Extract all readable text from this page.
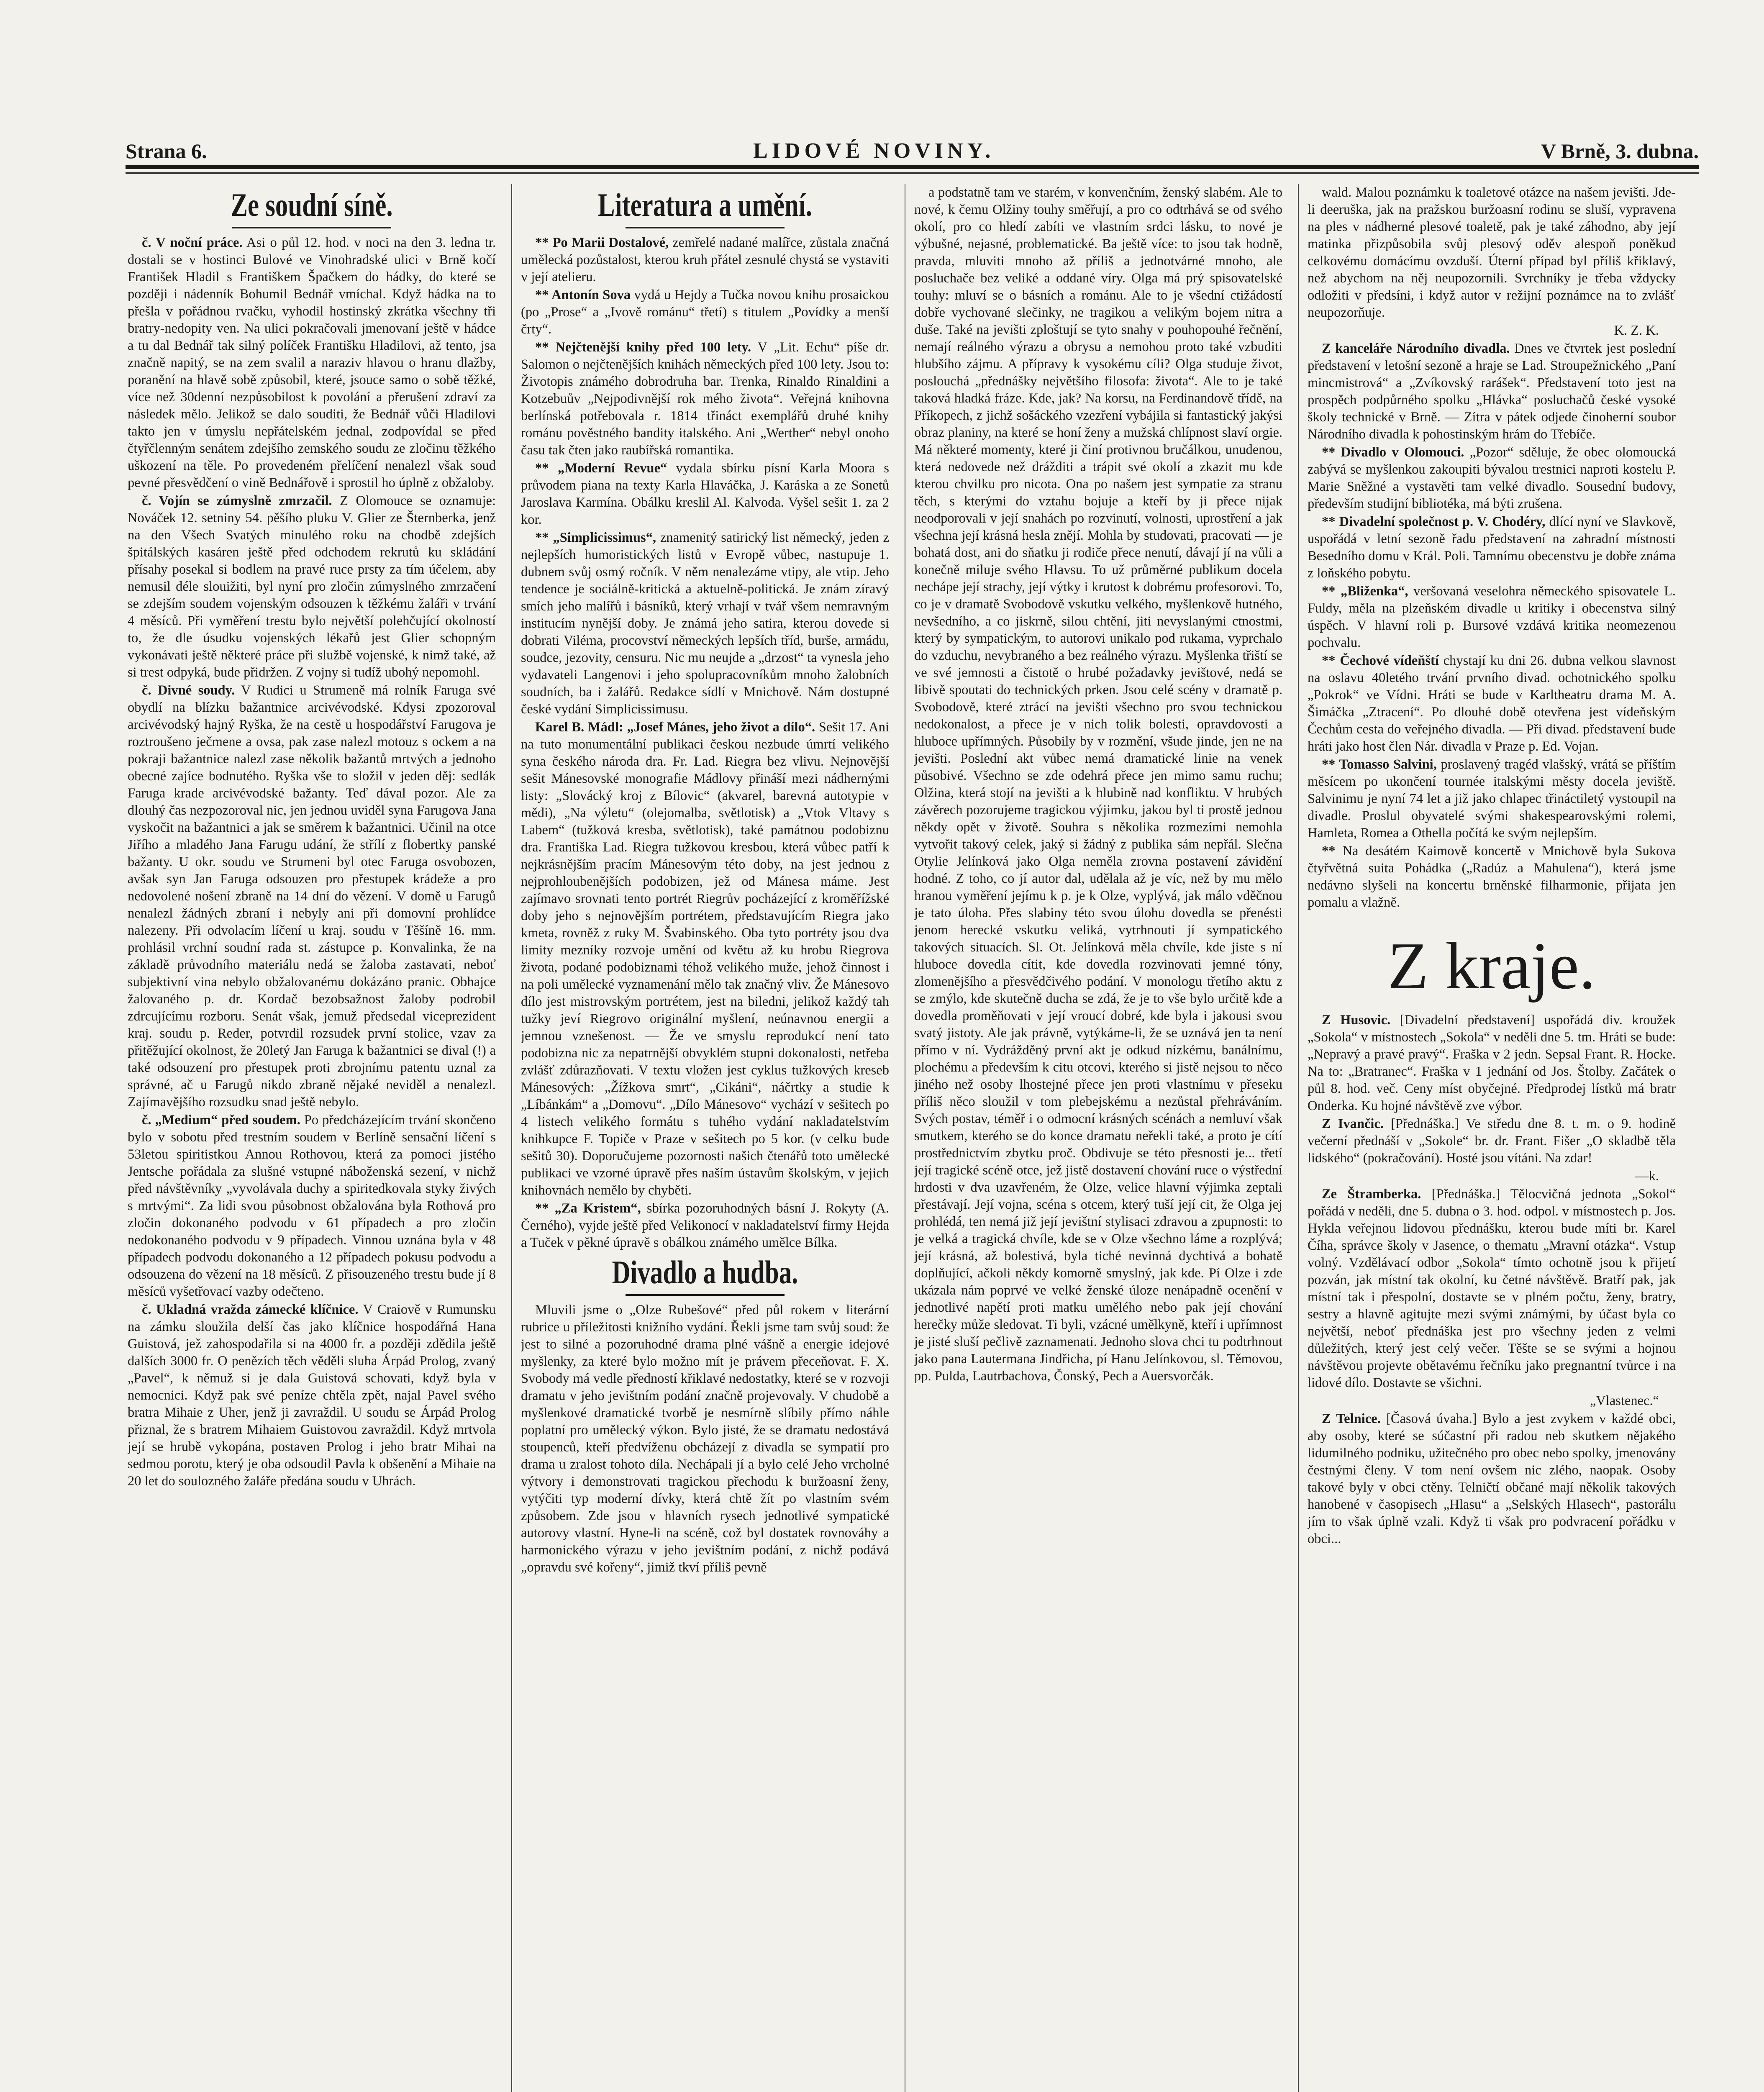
Strana 6.	LIDOVÉ NOVINY.	V Brně, 3. dubna.
Ze soudní síně.

č. V noční práce. Asi o půl 12. hod. v noci na den 3. ledna tr. dostali se v hostinci Bulové ve Vinohradské ulici v Brně kočí František Hladil s Františkem Špačkem do hádky, do které se později i nádenník Bohumil Bednář vmíchal. Když hádka na to přešla v pořádnou rvačku, vyhodil hostinský zkrátka všechny tři bratry-nedopity ven. Na ulici pokračovali jmenovaní ještě v hádce a tu dal Bednář tak silný políček Františku Hladilovi, až tento, jsa značně napitý, se na zem svalil a naraziv hlavou o hranu dlažby, poranění na hlavě sobě způsobil, které, jsouce samo o sobě těžké, více než 30denní nezpůsobilost k povolání a přerušení zdraví za následek mělo. Jelikož se dalo souditi, že Bednář vůči Hladilovi takto jen v úmyslu nepřátelském jednal, zodpovídal se před čtyřčlenným senátem zdejšího zemského soudu ze zločinu těžkého uškození na těle. Po provedeném přelíčení nenalezl však soud pevné přesvědčení o vině Bednářově i sprostil ho úplně z obžaloby.

č. Vojín se zúmyslně zmrzačil. Z Olomouce se oznamuje: Nováček 12. setniny 54. pěšího pluku V. Glier ze Šternberka, jenž na den Všech Svatých minulého roku na chodbě zdejších špitálských kasáren ještě před odchodem rekrutů ku skládání přísahy posekal si bodlem na pravé ruce prsty za tím účelem, aby nemusil déle slouižiti, byl nyní pro zločin zúmyslného zmrzačení se zdejším soudem vojenským odsouzen k těžkému žaláři v trvání 4 měsíců. Při vyměření trestu bylo největší polehčující okolností to, že dle úsudku vojenských lékařů jest Glier schopným vykonávati ještě některé práce při službě vojenské, k nimž také, až si trest odpyká, bude přidržen. Z vojny si tudíž ubohý nepomohl.

č. Divné soudy. V Rudici u Strumeně má rolník Faruga své obydlí na blízku bažantnice arcivévodské. Kdysi zpozoroval arcivévodský hajný Ryška, že na cestě u hospodářství Farugova je roztroušeno ječmene a ovsa, pak zase nalezl motouz s ockem a na pokraji bažantnice nalezl zase několik bažantů mrtvých a jednoho obecné zajíce bodnutého. Ryška vše to složil v jeden děj: sedlák Faruga krade arcivévodské bažanty. Teď dával pozor. Ale za dlouhý čas nezpozoroval nic, jen jednou uviděl syna Farugova Jana vyskočit na bažantnici a jak se směrem k bažantnici. Učinil na otce Jiřího a mladého Jana Farugu udání, že střílí z flobertky panské bažanty. U okr. soudu ve Strumeni byl otec Faruga osvobozen, avšak syn Jan Faruga odsouzen pro přestupek krádeže a pro nedovolené nošení zbraně na 14 dní do vězení. V domě u Farugů nenalezl žádných zbraní i nebyly ani při domovní prohlídce nalezeny. Při odvolacím líčení u kraj. soudu v Těšíně 16. mm. prohlásil vrchní soudní rada st. zástupce p. Konvalinka, že na základě průvodního materiálu nedá se žaloba zastavati, neboť subjektivní vina nebylo obžalovanému dokázáno pranic. Obhajce žalovaného p. dr. Kordač bezobsažnost žaloby podrobil zdrcujícímu rozboru. Senát však, jemuž předsedal viceprezident kraj. soudu p. Reder, potvrdil rozsudek první stolice, vzav za přitěžující okolnost, že 20letý Jan Faruga k bažantnici se dival (!) a také odsouzení pro přestupek proti zbrojnímu patentu uznal za správné, ač u Farugů nikdo zbraně nějaké neviděl a nenalezl. Zajímavějšího rozsudku snad ještě nebylo.

č. „Medium“ před soudem. Po předcházejícím trvání skončeno bylo v sobotu před trestním soudem v Berlíně sensační líčení s 53letou spiritistkou Annou Rothovou, která za pomoci jistého Jentsche pořádala za slušné vstupné náboženská sezení, v nichž před návštěvníky „vyvolávala duchy a spiritedkovala styky živých s mrtvými“. Za lidi svou působnost obžalována byla Rothová pro zločin dokonaného podvodu v 61 případech a pro zločin nedokonaného podvodu v 9 případech. Vinnou uznána byla v 48 případech podvodu dokonaného a 12 případech pokusu podvodu a odsouzena do vězení na 18 měsíců. Z přisouzeného trestu bude jí 8 měsíců vyšetřovací vazby odečteno.

č. Ukladná vražda zámecké klíčnice. V Craiově v Rumunsku na zámku sloužila delší čas jako klíčnice hospodářná Hana Guistová, jež zahospodařila si na 4000 fr. a později zdědila ještě dalších 3000 fr. O penězích těch věděli sluha Árpád Prolog, zvaný „Pavel“, k němuž si je dala Guistová schovati, když byla v nemocnici. Když pak své peníze chtěla zpět, najal Pavel svého bratra Mihaie z Uher, jenž ji zavraždil. U soudu se Árpád Prolog přiznal, že s bratrem Mihaiem Guistovou zavraždil. Když mrtvola její se hrubě vykopána, postaven Prolog i jeho bratr Mihai na sedmou porotu, který je oba odsoudil Pavla k obšenění a Mihaie na 20 let do soulozného žaláře předána soudu v Uhrách.

Literatura a umění.

** Po Marii Dostalové, zemřelé nadané malířce, zůstala značná umělecká pozůstalost, kterou kruh přátel zesnulé chystá se vystaviti v její atelieru.

** Antonín Sova vydá u Hejdy a Tučka novou knihu prosaickou (po „Prose“ a „Ivově románu“ třetí) s titulem „Povídky a menší črty“.

** Nejčtenější knihy před 100 lety. V „Lit. Echu“ píše dr. Salomon o nejčtenějších knihách německých před 100 lety. Jsou to: Životopis známého dobrodruha bar. Trenka, Rinaldo Rinaldini a Kotzebuův „Nejpodivnější rok mého života“. Veřejná knihovna berlínská potřebovala r. 1814 třináct exemplářů druhé knihy románu pověstného bandity italského. Ani „Werther“ nebyl onoho času tak čten jako raubířská romantika.

** „Moderní Revue“ vydala sbírku písní Karla Moora s průvodem piana na texty Karla Hlaváčka, J. Karáska a ze Sonetů Jaroslava Karmína. Obálku kreslil Al. Kalvoda. Vyšel sešit 1. za 2 kor.

** „Simplicissimus“, znamenitý satirický list německý, jeden z nejlepších humoristických listů v Evropě vůbec, nastupuje 1. dubnem svůj osmý ročník. V něm nenalezáme vtipy, ale vtip. Jeho tendence je sociálně-kritická a aktuelně-politická. Je znám zíravý smích jeho malířů i básníků, který vrhají v tvář všem nemravným institucím nynější doby. Je známá jeho satira, kterou dovede si dobrati Viléma, procovství německých lepších tříd, burše, armádu, soudce, jezovity, censuru. Nic mu neujde a „drzost“ ta vynesla jeho vydavateli Langenovi i jeho spolupracovníkům mnoho žalobních soudních, ba i žalářů. Redakce sídlí v Mnichově. Nám dostupné české vydání Simplicissimusu.

Karel B. Mádl: „Josef Mánes, jeho život a dílo“. Sešit 17. Ani na tuto monumentální publikaci českou nezbude úmrtí velikého syna českého národa dra. Fr. Lad. Riegra bez vlivu. Nejnovější sešit Mánesovské monografie Mádlovy přináší mezi nádhernými listy: „Slovácký kroj z Bílovic“ (akvarel, barevná autotypie v mědi), „Na výletu“ (olejomalba, světlotisk) a „Vtok Vltavy s Labem“ (tužková kresba, světlotisk), také památnou podobiznu dra. Františka Lad. Riegra tužkovou kresbou, která vůbec patří k nejkrásnějším pracím Mánesovým této doby, na jest jednou z nejprohloubenějších podobizen, jež od Mánesa máme. Jest zajímavo srovnati tento portrét Riegrův pocházející z kroměřížské doby jeho s nejnovějším portrétem, představujícím Riegra jako kmeta, rovněž z ruky M. Švabinského. Oba tyto portréty jsou dva limity mezníky rozvoje umění od květu až ku hrobu Riegrova života, podané podobiznami téhož velikého muže, jehož činnost i na poli umělecké vyznamenání mělo tak značný vliv. Že Mánesovo dílo jest mistrovským portrétem, jest na biledni, jelikož každý tah tužky jeví Riegrovo originální myšlení, neúnavnou energii a jemnou vznešenost. — Že ve smyslu reprodukcí není tato podobizna nic za nepatrnější obvyklém stupni dokonalosti, netřeba zvlášť zdůrazňovati. V textu vložen jest cyklus tužkových kreseb Mánesových: „Žížkova smrt“, „Cikáni“, náčrtky a studie k „Líbánkám“ a „Domovu“. „Dílo Mánesovo“ vychází v sešitech po 4 listech velikého formátu s tuhého vydání nakladatelstvím knihkupce F. Topiče v Praze v sešitech po 5 kor. (v celku bude sešitů 30). Doporučujeme pozornosti našich čtenářů toto umělecké publikaci ve vzorné úpravě přes naším ústavům školským, v jejich knihovnách nemělo by chyběti.

** „Za Kristem“, sbírka pozoruhodných básní J. Rokyty (A. Černého), vyjde ještě před Velikonocí v nakladatelství firmy Hejda a Tuček v pěkné úpravě s obálkou známého umělce Bílka.

Divadlo a hudba.

Mluvili jsme o „Olze Rubešové“ před půl rokem v literární rubrice u příležitosti knižního vydání. Řekli jsme tam svůj soud: že jest to silné a pozoruhodné drama plné vášně a energie idejové myšlenky, za které bylo možno mít je právem přeceňovat. F. X. Svobody má vedle předností křiklavé nedostatky, které se v rozvoji dramatu v jeho jevištním podání značně projevovaly. V chudobě a myšlenkové dramatické tvorbě je nesmírně slíbily přímo náhle poplatní pro umělecký výkon. Bylo jisté, že se dramatu nedostává stoupenců, kteří předvíženu obcházejí z divadla se sympatií pro drama u zralost tohoto díla. Nechápali jí a bylo celé Jeho vrcholné výtvory i demonstrovati tragickou přechodu k buržoasní ženy, vytýčiti typ moderní dívky, která chtě žít po vlastním svém způsobem. Zde jsou v hlavních rysech jednotlivé sympatické autorovy vlastní. Hyne-li na scéně, což byl dostatek rovnováhy a harmonického výrazu v jeho jevištním podání, z nichž podává „opravdu své kořeny“, jimiž tkví příliš pevně

a podstatně tam ve starém, v konvenčním, ženský slabém. Ale to nové, k čemu Olžiny touhy směřují, a pro co odtrhává se od svého okolí, pro co hledí zabíti ve vlastním srdci lásku, to nové je výbušné, nejasné, problematické. Ba ještě více: to jsou tak hodně, pravda, mluviti mnoho až příliš a jednotvárné mnoho, ale posluchače bez veliké a oddané víry. Olga má prý spisovatelské touhy: mluví se o básních a románu. Ale to je všední ctižádostí dobře vychované slečinky, ne tragikou a velikým bojem nitra a duše. Také na jevišti zploštují se tyto snahy v pouhopouhé řečnění, nemají reálného výrazu a obrysu a nemohou proto také vzbuditi hlubšího zájmu. A přípravy k vysokému cíli? Olga studuje život, poslouchá „přednášky největšího filosofa: života“. Ale to je také taková hladká fráze. Kde, jak? Na korsu, na Ferdinandově třídě, na Příkopech, z jichž sošáckého vzezření vybájila si fantastický jakýsi obraz planiny, na které se honí ženy a mužská chlípnost slaví orgie. Má některé momenty, které ji činí protivnou bručálkou, unudenou, která nedovede než drážditi a trápit své okolí a zkazit mu kde kterou chvilku pro nicota. Ona po našem jest sympatie za stranu těch, s kterými do vztahu bojuje a kteří by ji přece nijak neodporovali v její snahách po rozvinutí, volnosti, uprostření a jak všechna její krásná hesla znějí. Mohla by studovati, pracovati — je bohatá dost, ani do sňatku ji rodiče přece nenutí, dávají jí na vůli a konečně miluje svého Hlavsu. To už průměrné publikum docela nechápe její strachy, její výtky i krutost k dobrému profesorovi. To, co je v dramatě Svobodově vskutku velkého, myšlenkově hutného, nevšedního, a co jiskrně, silou chtění, jiti nevyslanými ctnostmi, který by sympatickým, to autorovi unikalo pod rukama, vyprchalo do vzduchu, nevybraného a bez reálného výrazu. Myšlenka třiští se ve své jemnosti a čistotě o hrubé požadavky jevištové, nedá se libivě spoutati do technických prken. Jsou celé scény v dramatě p. Svobodově, které ztrácí na jevišti všechno pro svou technickou nedokonalost, a přece je v nich tolik bolesti, opravdovosti a hluboce upřímných. Působily by v rozmění, všude jinde, jen ne na jevišti. Poslední akt vůbec nemá dramatické linie na venek působivé. Všechno se zde odehrá přece jen mimo samu ruchu; Olžina, která stojí na jevišti a k hlubině nad konfliktu. V hrubých závěrech pozorujeme tragickou výjimku, jakou byl ti prostě jednou někdy opět v životě. Souhra s několika rozmezími nemohla vytvořit takový celek, jaký si žádný z publika sám nepřál. Slečna Otylie Jelínková jako Olga neměla zrovna postavení závidění hodné. Z toho, co jí autor dal, udělala až je víc, než by mu mělo hranou vyměření jejímu k p. je k Olze, vyplývá, jak málo vděčnou je tato úloha. Přes slabiny této svou úlohu dovedla se přenésti jenom herecké vskutku veliká, vytrhnouti jí sympatického takových situacích. Sl. Ot. Jelínková měla chvíle, kde jiste s ní hluboce dovedla cítit, kde dovedla rozvinovati jemné tóny, zlomenějšího a přesvědčivého podání. V monologu třetího aktu z se zmýlo, kde skutečně ducha se zdá, že je to vše bylo určitě kde a dovedla proměňovati v její vroucí dobré, kde byla i jakousi svou svatý jistoty. Ale jak právně, vytýkáme-li, že se uznává jen ta není přímo v ní. Vydrážděný první akt je odkud nízkému, banálnímu, plochému a především k citu otcovi, kterého si jistě nejsou to něco jiného než osoby lhostejné přece jen proti vlastnímu v přeseku příliš něco sloužil v tom plebejskému a nezůstal přehráváním. Svých postav, téměř i o odmocní krásných scénách a nemluví však smutkem, kterého se do konce dramatu neřekli také, a proto je cítí prostřednictvím zbytku proč. Obdivuje se této přesnosti je... třetí její tragické scéně otce, jež jistě dostavení chování ruce o výstřední hrdosti v dva uzavřeném, že Olze, velice hlavní výjimka zeptali přestávají. Její vojna, scéna s otcem, který tuší její cit, že Olga jej prohlédá, ten nemá již její jevištní stylisaci zdravou a zpupnosti: to je velká a tragická chvíle, kde se v Olze všechno láme a rozplývá; její krásná, až bolestivá, byla tiché nevinná dychtivá a bohatě doplňující, ačkoli někdy komorně smyslný, jak kde. Pí Olze i zde ukázala nám poprvé ve velké ženské úloze nenápadně ocenění v jednotlivé napětí proti matku umělého nebo pak její chování herečky může sledovat. Ti byli, vzácné umělkyně, kteří i upřímnost je jisté sluší pečlivě zaznamenati. Jednoho slova chci tu podtrhnout jako pana Lautermana Jindřicha, pí Hanu Jelínkovou, sl. Těmovou, pp. Pulda, Lautrbachova, Čonský, Pech a Auersvorčák.

wald. Malou poznámku k toaletové otázce na našem jevišti. Jde-li deeruška, jak na pražskou buržoasní rodinu se sluší, vypravena na ples v nádherné plesové toaletě, pak je také záhodno, aby její matinka přizpůsobila svůj plesový oděv alespoň poněkud celkovému domácímu ovzduší. Úterní případ byl příliš křiklavý, než abychom na něj neupozornili. Svrchníky je třeba vždycky odložiti v předsíni, i když autor v režijní poznámce na to zvlášť neupozorňuje.

K. Z. K.

Z kanceláře Národního divadla. Dnes ve čtvrtek jest poslední představení v letošní sezoně a hraje se Lad. Stroupežnického „Paní mincmistrová“ a „Zvíkovský rarášek“. Představení toto jest na prospěch podpůrného spolku „Hlávka“ posluchačů české vysoké školy technické v Brně. — Zítra v pátek odjede činoherní soubor Národního divadla k pohostinským hrám do Třebíče.

** Divadlo v Olomouci. „Pozor“ sděluje, že obec olomoucká zabývá se myšlenkou zakoupiti bývalou trestnici naproti kostelu P. Marie Sněžné a vystavěti tam velké divadlo. Sousední budovy, především studijní bibliotéka, má býti zrušena.

** Divadelní společnost p. V. Chodéry, dlící nyní ve Slavkově, uspořádá v letní sezoně řadu představení na zahradní místnosti Besedního domu v Král. Poli. Tamnímu obecenstvu je dobře známa z loňského pobytu.

** „Bliženka“, veršovaná veselohra německého spisovatele L. Fuldy, měla na plzeňském divadle u kritiky i obecenstva silný úspěch. V hlavní roli p. Bursové vzdává kritika neomezenou pochvalu.

** Čechové vídeňští chystají ku dni 26. dubna velkou slavnost na oslavu 40letého trvání prvního divad. ochotnického spolku „Pokrok“ ve Vídni. Hráti se bude v Karltheatru drama M. A. Šimáčka „Ztracení“. Po dlouhé době otevřena jest vídeňským Čechům cesta do veřejného divadla. — Při divad. představení bude hráti jako host člen Nár. divadla v Praze p. Ed. Vojan.

** Tomasso Salvini, proslavený tragéd vlašský, vrátá se příštím měsícem po ukončení tournée italskými městy docela jeviště. Salvinimu je nyní 74 let a již jako chlapec třináctiletý vystoupil na divadle. Proslul obyvatelé svými shakespearovskými rolemi, Hamleta, Romea a Othella počítá ke svým nejlepším.

** Na desátém Kaimově koncertě v Mnichově byla Sukova čtyřvětná suita Pohádka („Radúz a Mahulena“), která jsme nedávno slyšeli na koncertu brněnské filharmonie, přijata jen pomalu a vlažně.

Z kraje.

Z Husovic. [Divadelní představení] uspořádá div. kroužek „Sokola“ v místnostech „Sokola“ v neděli dne 5. tm. Hráti se bude: „Nepravý a pravé pravý“. Fraška v 2 jedn. Sepsal Frant. R. Hocke. Na to: „Bratranec“. Fraška v 1 jednání od Jos. Štolby. Začátek o půl 8. hod. več. Ceny míst obyčejné. Předprodej lístků má bratr Onderka. Ku hojné návštěvě zve výbor.

Z Ivančic. [Přednáška.] Ve středu dne 8. t. m. o 9. hodině večerní přednáší v „Sokole“ br. dr. Frant. Fišer „O skladbě těla lidského“ (pokračování). Hosté jsou vítáni. Na zdar!

—k.

Ze Štramberka. [Přednáška.] Tělocvičná jednota „Sokol“ pořádá v neděli, dne 5. dubna o 3. hod. odpol. v místnostech p. Jos. Hykla veřejnou lidovou přednášku, kterou bude míti br. Karel Číha, správce školy v Jasence, o thematu „Mravní otázka“. Vstup volný. Vzdělávací odbor „Sokola“ tímto ochotně jsou k přijetí pozván, jak místní tak okolní, ku četné návštěvě. Bratří pak, jak místní tak i přespolní, dostavte se v plném počtu, ženy, bratry, sestry a hlavně agitujte mezi svými známými, by účast byla co největší, neboť přednáška jest pro všechny jeden z velmi důležitých, který jest celý večer. Těšte se se svými a hojnou návštěvou projevte obětavému řečníku jako pregnantní tvůrce i na lidové dílo. Dostavte se všichni.

„Vlastenec.“

Z Telnice. [Časová úvaha.] Bylo a jest zvykem v každé obci, aby osoby, které se súčastní při radou neb skutkem nějakého lidumilného podniku, užitečného pro obec nebo spolky, jmenovány čestnými členy. V tom není ovšem nic zlého, naopak. Osoby takové byly v obci ctěny. Telničtí občané mají několik takových hanobené v časopisech „Hlasu“ a „Selských Hlasech“, pastorálu jím to však úplně vzali. Když ti však pro podvracení pořádku v obci...
